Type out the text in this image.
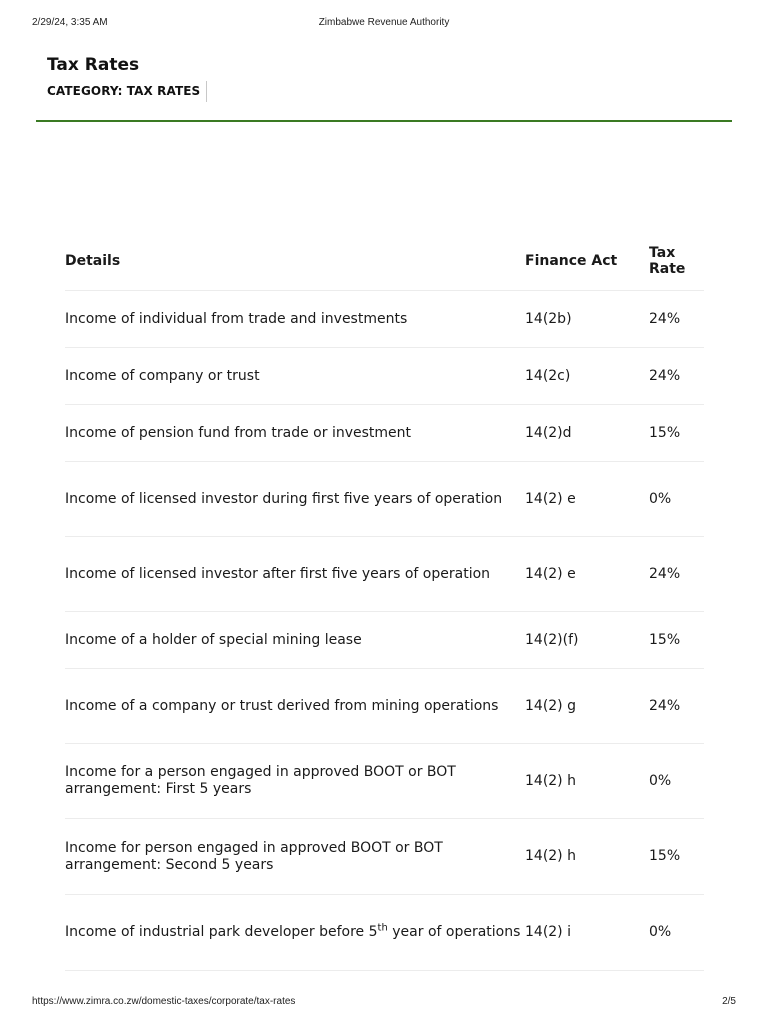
2/29/24, 3:35 AM	Zimbabwe Revenue Authority
Tax Rates
CATEGORY: TAX RATES
Details	Finance Act	Tax Rate
Income of individual from trade and investments	14(2b)	24%
Income of company or trust	14(2c)	24%
Income of pension fund from trade or investment	14(2)d	15%
Income of licensed investor during first five years of operation	14(2) e	0%
Income of licensed investor after first five years of operation	14(2) e	24%
Income of a holder of special mining lease	14(2)(f)	15%
Income of a company or trust derived from mining operations	14(2) g	24%
Income for a person engaged in approved BOOT or BOT arrangement: First 5 years	14(2) h	0%
Income for person engaged in approved BOOT or BOT arrangement: Second 5 years	14(2) h	15%
Income of industrial park developer before 5th year of operations	14(2) i	0%
https://www.zimra.co.zw/domestic-taxes/corporate/tax-rates	2/5
